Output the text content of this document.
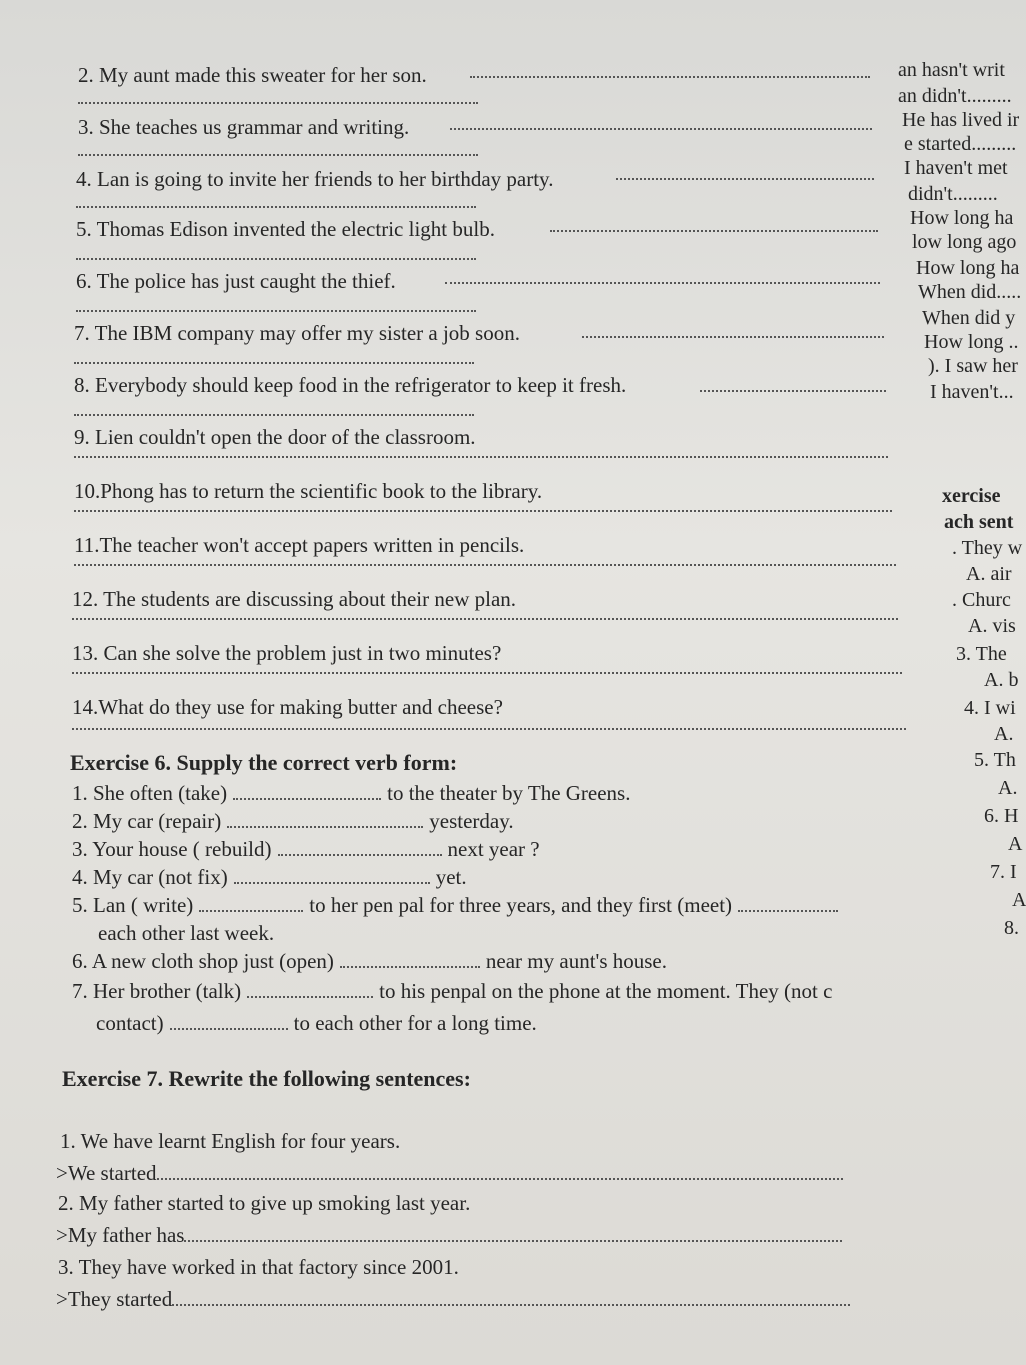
2. My aunt made this sweater for her son.
3. She teaches us grammar and writing.
4. Lan is going to invite her friends to her birthday party.
5. Thomas Edison invented the electric light bulb.
6. The police has just caught the thief.
7. The IBM company may offer my sister a job soon.
8. Everybody should keep food in the refrigerator to keep it fresh.
9. Lien couldn't open the door of the classroom.
10.Phong has to return the scientific book to the library.
11.The teacher won't accept papers written in pencils.
12. The students are discussing about their new plan.
13. Can she solve the problem just in two minutes?
14.What do they use for making butter and cheese?
Exercise 6. Supply the correct verb form:
1. She often (take)	to the theater by The Greens.
2. My car (repair)	yesterday.
3. Your house ( rebuild)	next year ?
4. My car (not fix)	yet.
5. Lan ( write)	to her pen pal for three years, and they first (meet)
each other last week.
6. A new cloth shop just (open)	near my aunt's house.
7. Her brother (talk)	to his penpal on the phone at the moment. They (not c
contact)	to each other for a long time.
Exercise 7. Rewrite the following sentences:
1. We have learnt English for four years.
>We started
2. My father started to give up smoking last year.
>My father has
3. They have worked in that factory since 2001.
>They started
an hasn't writ
an didn't.........
He has lived ir
e started.........
I haven't met
didn't.........
How long ha
low long ago
How long ha
When did.....
When did y
How long ..
). I saw her
I haven't...
xercise
ach sent
. They w
A. air
. Churc
A. vis
3. The
A. b
4. I wi
A.
5. Th
A.
6. H
A
7. I
A
8.
